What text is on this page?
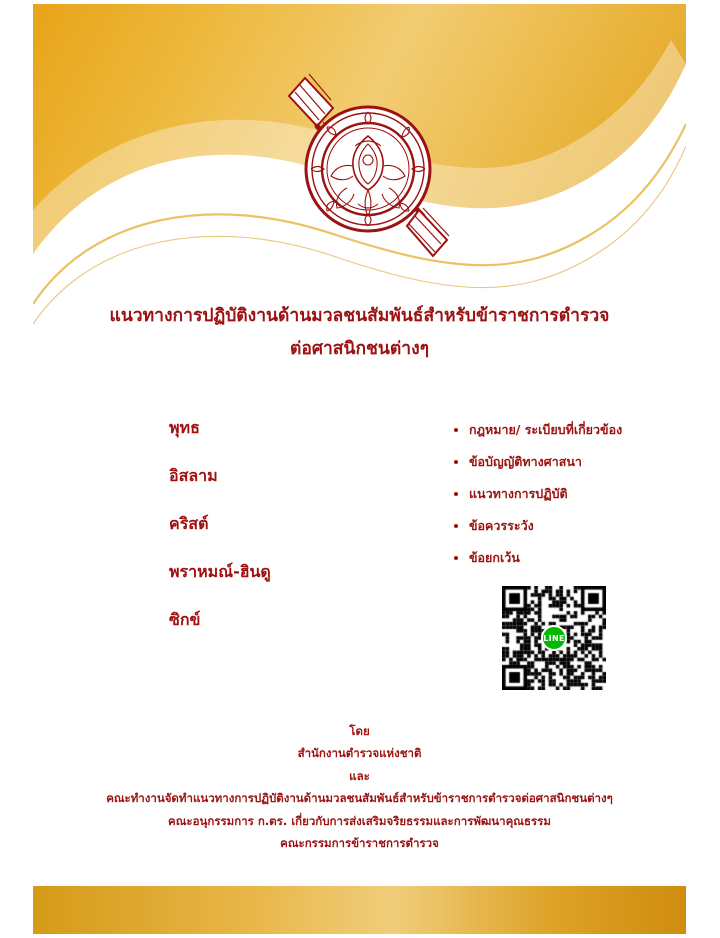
แนวทางการปฏิบัติงานด้านมวลชนสัมพันธ์สำหรับข้าราชการตำรวจ
ต่อศาสนิกชนต่างๆ
พุทธ
อิสลาม
คริสต์
พราหมณ์-ฮินดู
ซิกข์
• กฎหมาย/ ระเบียบที่เกี่ยวข้อง
• ข้อบัญญัติทางศาสนา
• แนวทางการปฏิบัติ
• ข้อควรระวัง
• ข้อยกเว้น
LINE
โดย
สำนักงานตำรวจแห่งชาติ
และ
คณะทำงานจัดทำแนวทางการปฏิบัติงานด้านมวลชนสัมพันธ์สำหรับข้าราชการตำรวจต่อศาสนิกชนต่างๆ
คณะอนุกรรมการ ก.ตร. เกี่ยวกับการส่งเสริมจริยธรรมและการพัฒนาคุณธรรม
คณะกรรมการข้าราชการตำรวจ
